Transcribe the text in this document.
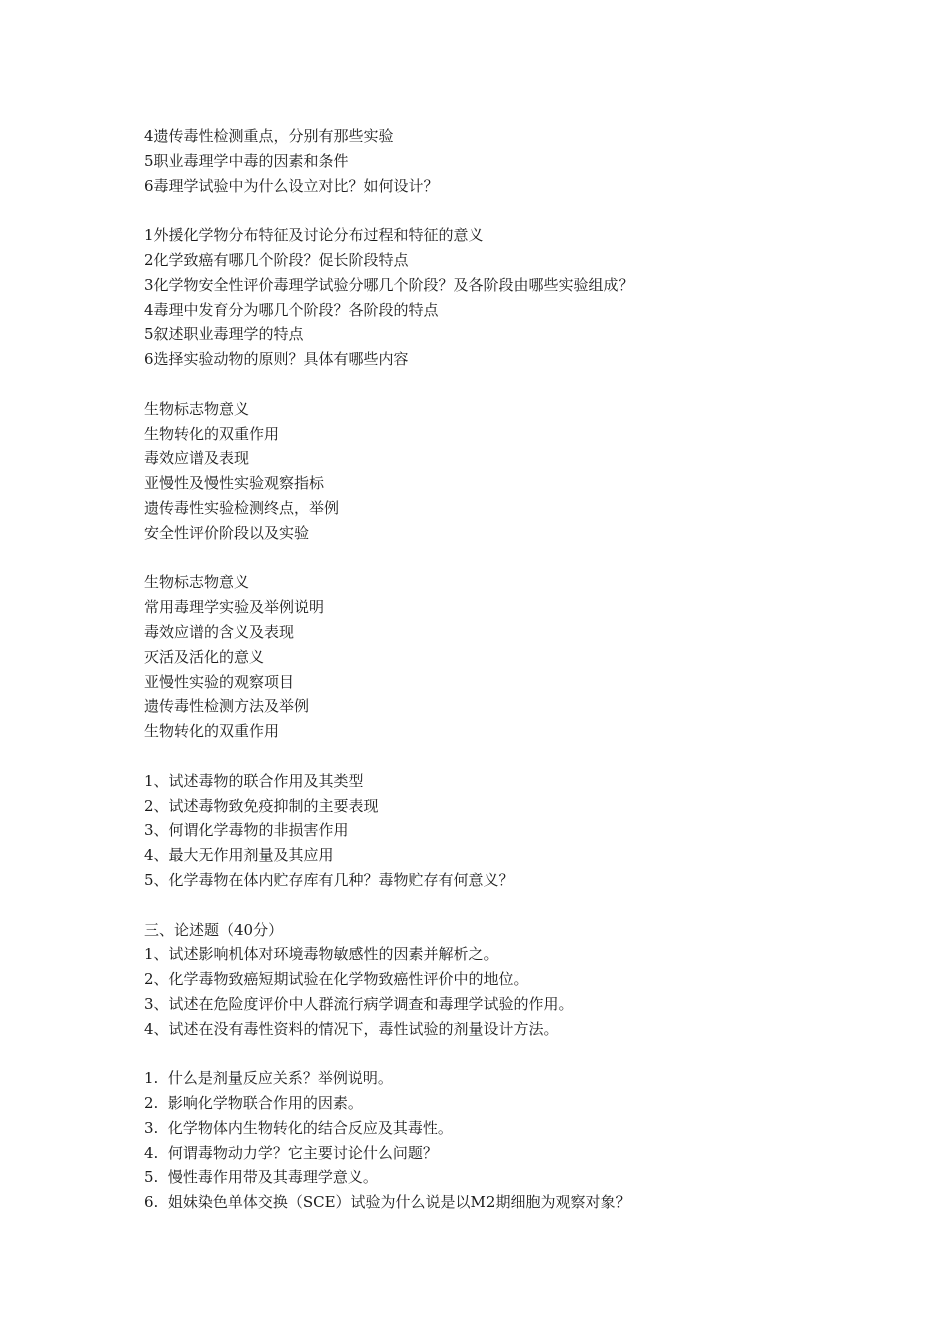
4遗传毒性检测重点，分别有那些实验
5职业毒理学中毒的因素和条件
6毒理学试验中为什么设立对比？如何设计？
1外援化学物分布特征及讨论分布过程和特征的意义
2化学致癌有哪几个阶段？促长阶段特点
3化学物安全性评价毒理学试验分哪几个阶段？及各阶段由哪些实验组成？
4毒理中发育分为哪几个阶段？各阶段的特点
5叙述职业毒理学的特点
6选择实验动物的原则？具体有哪些内容
生物标志物意义
生物转化的双重作用
毒效应谱及表现
亚慢性及慢性实验观察指标
遗传毒性实验检测终点，举例
安全性评价阶段以及实验
生物标志物意义
常用毒理学实验及举例说明
毒效应谱的含义及表现
灭活及活化的意义
亚慢性实验的观察项目
遗传毒性检测方法及举例
生物转化的双重作用
1、试述毒物的联合作用及其类型
2、试述毒物致免疫抑制的主要表现
3、何谓化学毒物的非损害作用
4、最大无作用剂量及其应用
5、化学毒物在体内贮存库有几种？毒物贮存有何意义？
三、论述题（40分）
1、试述影响机体对环境毒物敏感性的因素并解析之。
2、化学毒物致癌短期试验在化学物致癌性评价中的地位。
3、试述在危险度评价中人群流行病学调查和毒理学试验的作用。
4、试述在没有毒性资料的情况下，毒性试验的剂量设计方法。
1.  什么是剂量反应关系？举例说明。
2.  影响化学物联合作用的因素。
3.  化学物体内生物转化的结合反应及其毒性。
4.  何谓毒物动力学？它主要讨论什么问题？
5.  慢性毒作用带及其毒理学意义。
6.  姐妹染色单体交换（SCE）试验为什么说是以M2期细胞为观察对象？
